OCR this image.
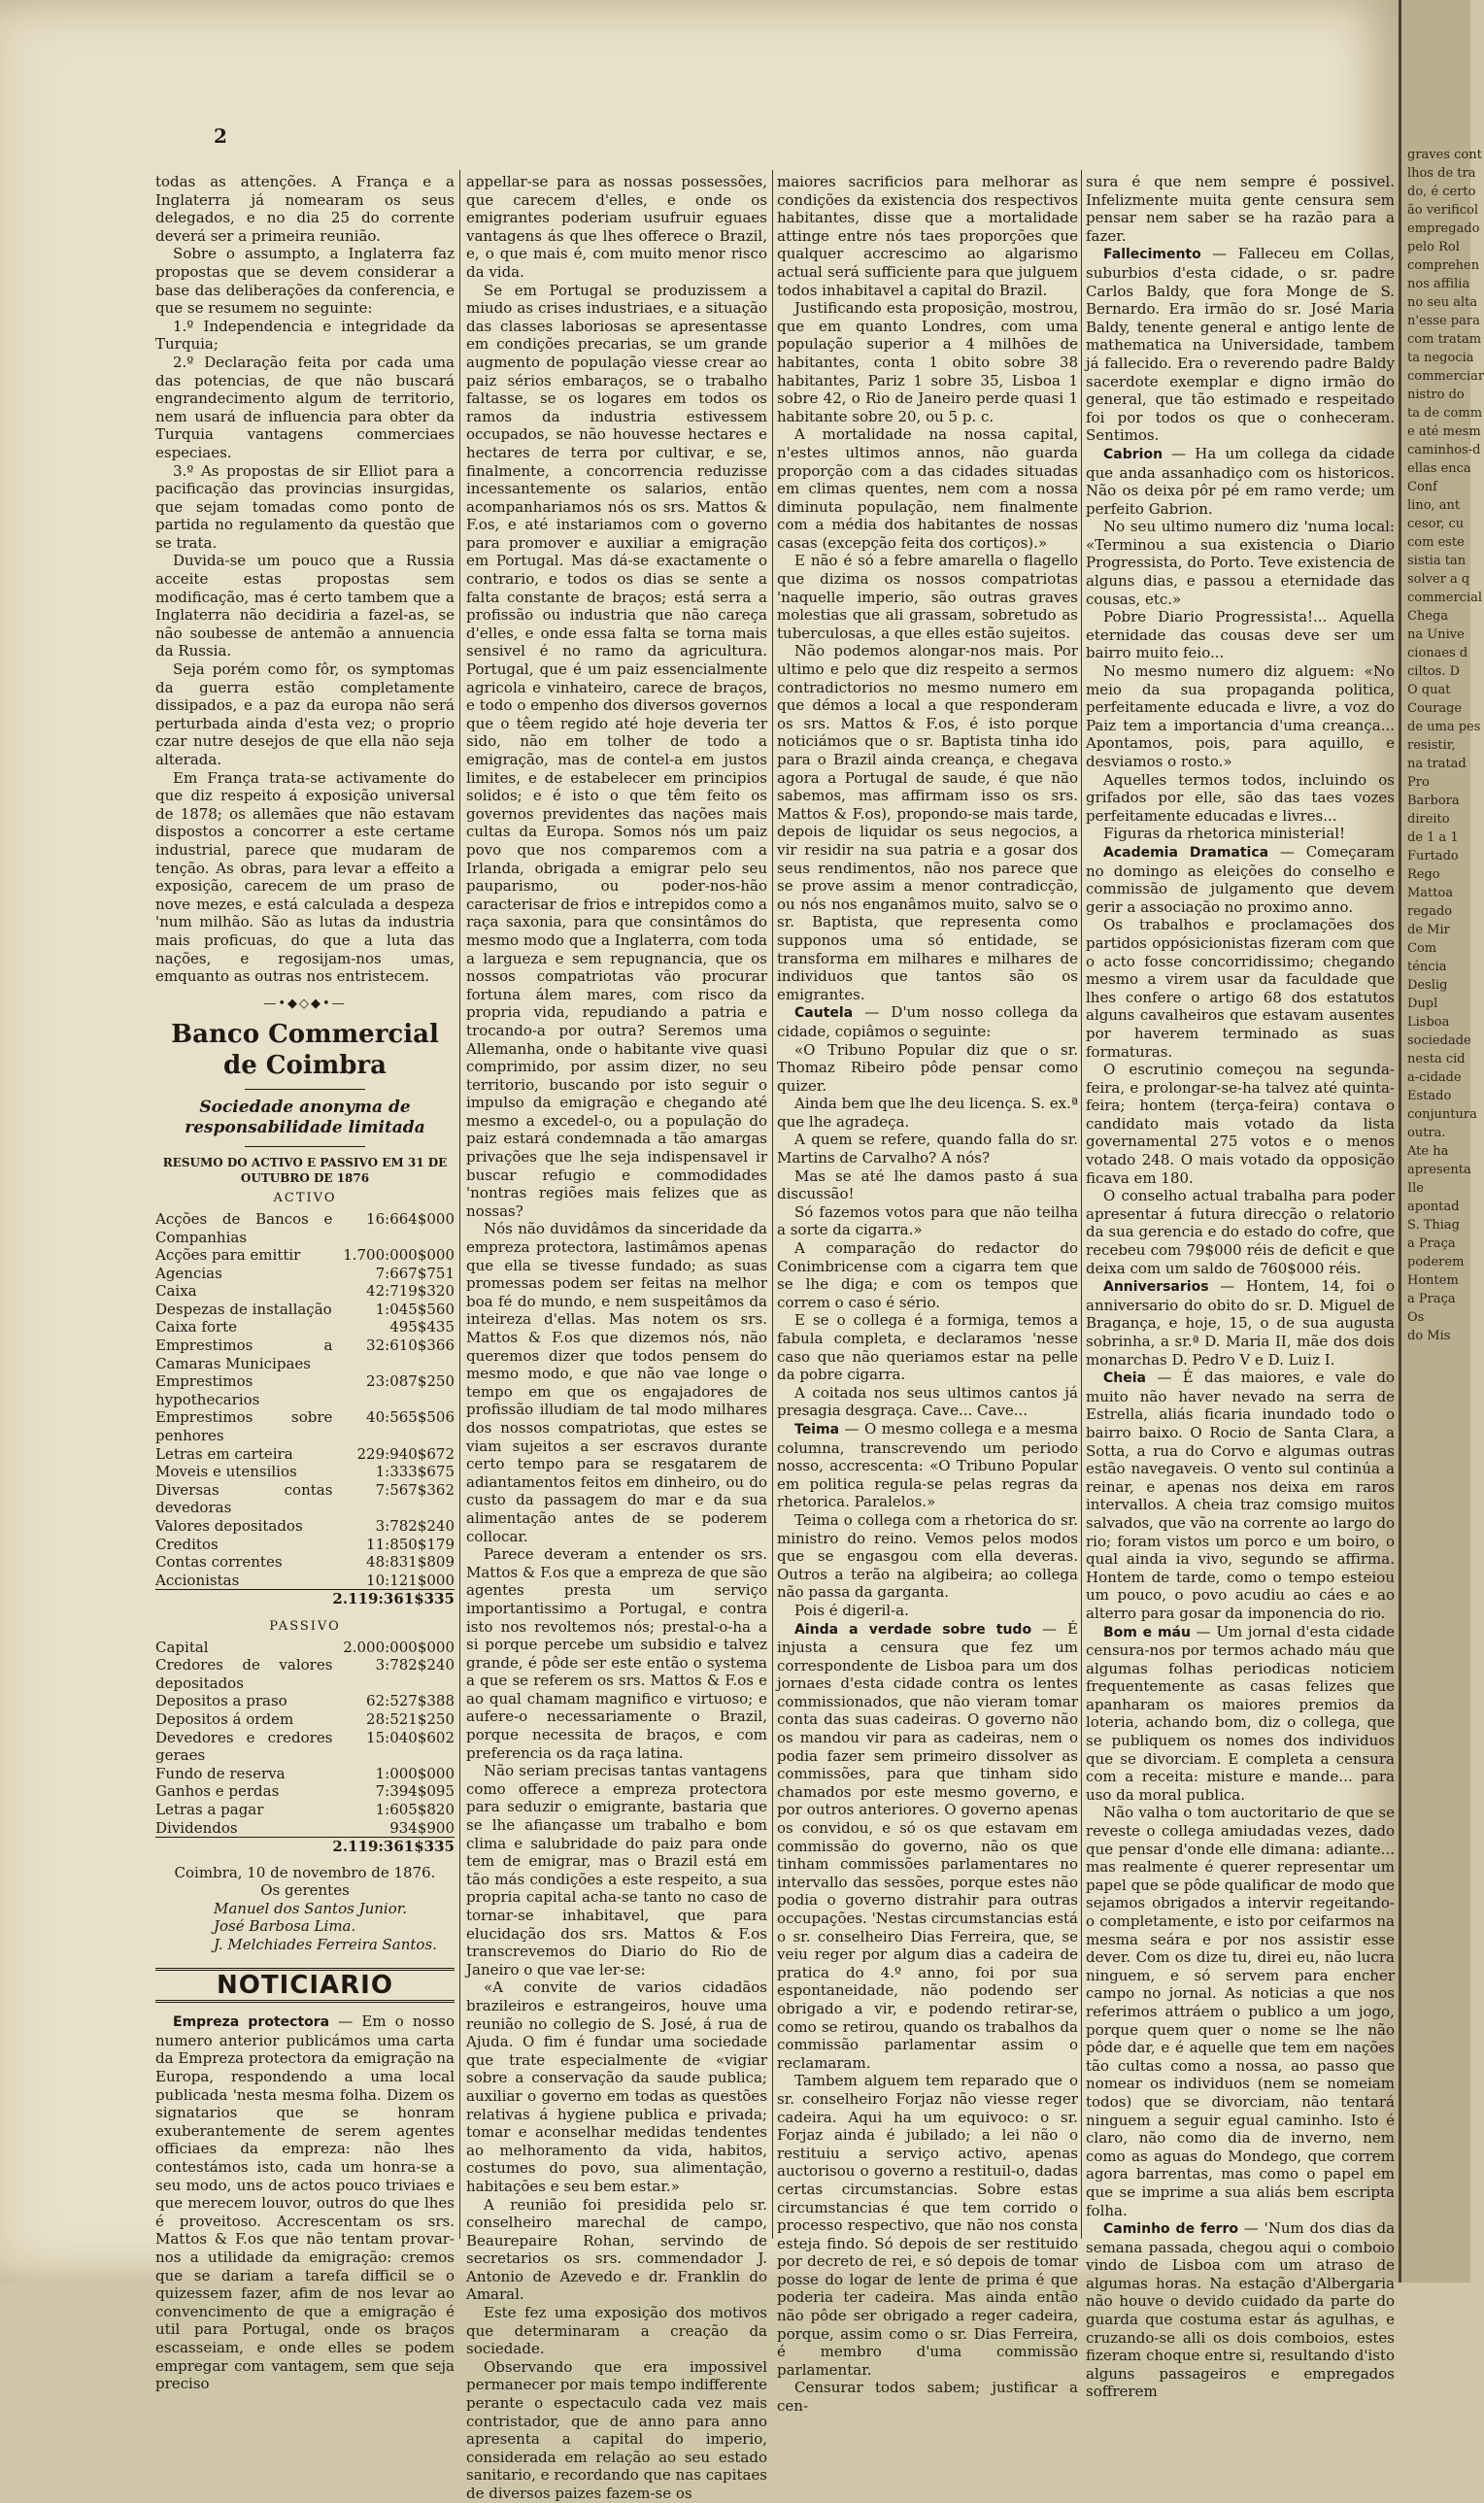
2

todas as attenções. A França e a Inglaterra já nomearam os seus delegados, e no dia 25 do corrente deverá ser a primeira reunião.

Sobre o assumpto, a Inglaterra faz propostas que se devem considerar a base das deliberações da conferencia, e que se resumem no seguinte:

1.º Independencia e integridade da Turquia;

2.º Declaração feita por cada uma das potencias, de que não buscará engrandecimento algum de territorio, nem usará de influencia para obter da Turquia vantagens commerciaes especiaes.

3.º As propostas de sir Elliot para a pacificação das provincias insurgidas, que sejam tomadas como ponto de partida no regulamento da questão que se trata.

Duvida-se um pouco que a Russia acceite estas propostas sem modificação, mas é certo tambem que a Inglaterra não decidiria a fazel-as, se não soubesse de antemão a annuencia da Russia.

Seja porém como fôr, os symptomas da guerra estão completamente dissipados, e a paz da europa não será perturbada ainda d'esta vez; o proprio czar nutre desejos de que ella não seja alterada.

Em França trata-se activamente do que diz respeito á exposição universal de 1878; os allemães que não estavam dispostos a concorrer a este certame industrial, parece que mudaram de tenção. As obras, para levar a effeito a exposição, carecem de um praso de nove mezes, e está calculada a despeza 'num milhão. São as lutas da industria mais proficuas, do que a luta das nações, e regosijam-nos umas, emquanto as outras nos entristecem.

—•◆◇◆•—
Banco Commercial de Coimbra
Sociedade anonyma de responsabilidade limitada
RESUMO DO ACTIVO E PASSIVO EM 31 DE OUTUBRO DE 1876
ACTIVO
Acções de Bancos e Companhias	16:664$000
Acções para emittir	1.700:000$000
Agencias	7:667$751
Caixa	42:719$320
Despezas de installação	1:045$560
Caixa forte	495$435
Emprestimos a Camaras Municipaes	32:610$366
Emprestimos hypothecarios	23:087$250
Emprestimos sobre penhores	40:565$506
Letras em carteira	229:940$672
Moveis e utensilios	1:333$675
Diversas contas devedoras	7:567$362
Valores depositados	3:782$240
Creditos	11:850$179
Contas correntes	48:831$809
Accionistas	10:121$000
	2.119:361$335
PASSIVO
Capital	2.000:000$000
Credores de valores depositados	3:782$240
Depositos a praso	62:527$388
Depositos á ordem	28:521$250
Devedores e credores geraes	15:040$602
Fundo de reserva	1:000$000
Ganhos e perdas	7:394$095
Letras a pagar	1:605$820
Dividendos	934$900
	2.119:361$335
Coimbra, 10 de novembro de 1876.
Os gerentes
Manuel dos Santos Junior.
José Barbosa Lima.
J. Melchiades Ferreira Santos.
NOTICIARIO

Empreza protectora — Em o nosso numero anterior publicámos uma carta da Empreza protectora da emigração na Europa, respondendo a uma local publicada 'nesta mesma folha. Dizem os signatarios que se honram exuberantemente de serem agentes officiaes da empreza: não lhes contestámos isto, cada um honra-se a seu modo, uns de actos pouco triviaes e que merecem louvor, outros do que lhes é proveitoso. Accrescentam os srs. Mattos & F.os que não tentam provar-nos a utilidade da emigração: cremos que se dariam a tarefa difficil se o quizessem fazer, afim de nos levar ao convencimento de que a emigração é util para Portugal, onde os braços escasseiam, e onde elles se podem empregar com vantagem, sem que seja preciso

appellar-se para as nossas possessões, que carecem d'elles, e onde os emigrantes poderiam usufruir eguaes vantagens ás que lhes offerece o Brazil, e, o que mais é, com muito menor risco da vida.

Se em Portugal se produzissem a miudo as crises industriaes, e a situação das classes laboriosas se apresentasse em condições precarias, se um grande augmento de população viesse crear ao paiz sérios embaraços, se o trabalho faltasse, se os logares em todos os ramos da industria estivessem occupados, se não houvesse hectares e hectares de terra por cultivar, e se, finalmente, a concorrencia reduzisse incessantemente os salarios, então acompanhariamos nós os srs. Mattos & F.os, e até instariamos com o governo para promover e auxiliar a emigração em Portugal. Mas dá-se exactamente o contrario, e todos os dias se sente a falta constante de braços; está serra a profissão ou industria que não careça d'elles, e onde essa falta se torna mais sensivel é no ramo da agricultura. Portugal, que é um paiz essencialmente agricola e vinhateiro, carece de braços, e todo o empenho dos diversos governos que o têem regido até hoje deveria ter sido, não em tolher de todo a emigração, mas de contel-a em justos limites, e de estabelecer em principios solidos; e é isto o que têm feito os governos previdentes das nações mais cultas da Europa. Somos nós um paiz povo que nos comparemos com a Irlanda, obrigada a emigrar pelo seu pauparismo, ou poder-nos-hão caracterisar de frios e intrepidos como a raça saxonia, para que consintâmos do mesmo modo que a Inglaterra, com toda a largueza e sem repugnancia, que os nossos compatriotas vão procurar fortuna álem mares, com risco da propria vida, repudiando a patria e trocando-a por outra? Seremos uma Allemanha, onde o habitante vive quasi comprimido, por assim dizer, no seu territorio, buscando por isto seguir o impulso da emigração e chegando até mesmo a excedel-o, ou a população do paiz estará condemnada a tão amargas privações que lhe seja indispensavel ir buscar refugio e commodidades 'nontras regiões mais felizes que as nossas?

Nós não duvidâmos da sinceridade da empreza protectora, lastimâmos apenas que ella se tivesse fundado; as suas promessas podem ser feitas na melhor boa fé do mundo, e nem suspeitâmos da inteireza d'ellas. Mas notem os srs. Mattos & F.os que dizemos nós, não queremos dizer que todos pensem do mesmo modo, e que não vae longe o tempo em que os engajadores de profissão illudiam de tal modo milhares dos nossos compatriotas, que estes se viam sujeitos a ser escravos durante certo tempo para se resgatarem de adiantamentos feitos em dinheiro, ou do custo da passagem do mar e da sua alimentação antes de se poderem collocar.

Parece deveram a entender os srs. Mattos & F.os que a empreza de que são agentes presta um serviço importantissimo a Portugal, e contra isto nos revoltemos nós; prestal-o-ha a si porque percebe um subsidio e talvez grande, é pôde ser este então o systema a que se referem os srs. Mattos & F.os e ao qual chamam magnifico e virtuoso; e aufere-o necessariamente o Brazil, porque necessita de braços, e com preferencia os da raça latina.

Não seriam precisas tantas vantagens como offerece a empreza protectora para seduzir o emigrante, bastaria que se lhe afiançasse um trabalho e bom clima e salubridade do paiz para onde tem de emigrar, mas o Brazil está em tão más condições a este respeito, a sua propria capital acha-se tanto no caso de tornar-se inhabitavel, que para elucidação dos srs. Mattos & F.os transcrevemos do Diario do Rio de Janeiro o que vae ler-se:

«A convite de varios cidadãos brazileiros e estrangeiros, houve uma reunião no collegio de S. José, á rua de Ajuda. O fim é fundar uma sociedade que trate especialmente de «vigiar sobre a conservação da saude publica; auxiliar o governo em todas as questões relativas á hygiene publica e privada; tomar e aconselhar medidas tendentes ao melhoramento da vida, habitos, costumes do povo, sua alimentação, habitações e seu bem estar.»

A reunião foi presidida pelo sr. conselheiro marechal de campo, Beaurepaire Rohan, servindo de secretarios os srs. commendador J. Antonio de Azevedo e dr. Franklin do Amaral.

Este fez uma exposição dos motivos que determinaram a creação da sociedade.

Observando que era impossivel permanecer por mais tempo indifferente perante o espectaculo cada vez mais contristador, que de anno para anno apresenta a capital do imperio, considerada em relação ao seu estado sanitario, e recordando que nas capitaes de diversos paizes fazem-se os

maiores sacrificios para melhorar as condições da existencia dos respectivos habitantes, disse que a mortalidade attinge entre nós taes proporções que qualquer accrescimo ao algarismo actual será sufficiente para que julguem todos inhabitavel a capital do Brazil.

Justificando esta proposição, mostrou, que em quanto Londres, com uma população superior a 4 milhões de habitantes, conta 1 obito sobre 38 habitantes, Pariz 1 sobre 35, Lisboa 1 sobre 42, o Rio de Janeiro perde quasi 1 habitante sobre 20, ou 5 p. c.

A mortalidade na nossa capital, n'estes ultimos annos, não guarda proporção com a das cidades situadas em climas quentes, nem com a nossa diminuta população, nem finalmente com a média dos habitantes de nossas casas (excepção feita dos cortiços).»

E não é só a febre amarella o flagello que dizima os nossos compatriotas 'naquelle imperio, são outras graves molestias que ali grassam, sobretudo as tuberculosas, a que elles estão sujeitos.

Não podemos alongar-nos mais. Por ultimo e pelo que diz respeito a sermos contradictorios no mesmo numero em que démos a local a que responderam os srs. Mattos & F.os, é isto porque noticiámos que o sr. Baptista tinha ido para o Brazil ainda creança, e chegava agora a Portugal de saude, é que não sabemos, mas affirmam isso os srs. Mattos & F.os), propondo-se mais tarde, depois de liquidar os seus negocios, a vir residir na sua patria e a gosar dos seus rendimentos, não nos parece que se prove assim a menor contradicção, ou nós nos enganâmos muito, salvo se o sr. Baptista, que representa como supponos uma só entidade, se transforma em milhares e milhares de individuos que tantos são os emigrantes.

Cautela — D'um nosso collega da cidade, copiâmos o seguinte:

«O Tribuno Popular diz que o sr. Thomaz Ribeiro pôde pensar como quizer.

Ainda bem que lhe deu licença. S. ex.ª que lhe agradeça.

A quem se refere, quando falla do sr. Martins de Carvalho? A nós?

Mas se até lhe damos pasto á sua discussão!

Só fazemos votos para que não teilha a sorte da cigarra.»

A comparação do redactor do Conimbricense com a cigarra tem que se lhe diga; e com os tempos que correm o caso é sério.

E se o collega é a formiga, temos a fabula completa, e declaramos 'nesse caso que não queriamos estar na pelle da pobre cigarra.

A coitada nos seus ultimos cantos já presagia desgraça. Cave... Cave...

Teima — O mesmo collega e a mesma columna, transcrevendo um periodo nosso, accrescenta: «O Tribuno Popular em politica regula-se pelas regras da rhetorica. Paralelos.»

Teima o collega com a rhetorica do sr. ministro do reino. Vemos pelos modos que se engasgou com ella deveras. Outros a terão na algibeira; ao collega não passa da garganta.

Pois é digeril-a.

Ainda a verdade sobre tudo — É injusta a censura que fez um correspondente de Lisboa para um dos jornaes d'esta cidade contra os lentes commissionados, que não vieram tomar conta das suas cadeiras. O governo não os mandou vir para as cadeiras, nem o podia fazer sem primeiro dissolver as commissões, para que tinham sido chamados por este mesmo governo, e por outros anteriores. O governo apenas os convidou, e só os que estavam em commissão do governo, não os que tinham commissões parlamentares no intervallo das sessões, porque estes não podia o governo distrahir para outras occupações. 'Nestas circumstancias está o sr. conselheiro Dias Ferreira, que, se veiu reger por algum dias a cadeira de pratica do 4.º anno, foi por sua espontaneidade, não podendo ser obrigado a vir, e podendo retirar-se, como se retirou, quando os trabalhos da commissão parlamentar assim o reclamaram.

Tambem alguem tem reparado que o sr. conselheiro Forjaz não viesse reger cadeira. Aqui ha um equivoco: o sr. Forjaz ainda é jubilado; a lei não o restituiu a serviço activo, apenas auctorisou o governo a restituil-o, dadas certas circumstancias. Sobre estas circumstancias é que tem corrido o processo respectivo, que não nos consta esteja findo. Só depois de ser restituido por decreto de rei, e só depois de tomar posse do logar de lente de prima é que poderia ter cadeira. Mas ainda então não pôde ser obrigado a reger cadeira, porque, assim como o sr. Dias Ferreira, é membro d'uma commissão parlamentar.

Censurar todos sabem; justificar a cen-

sura é que nem sempre é possivel. Infelizmente muita gente censura sem pensar nem saber se ha razão para a fazer.

Fallecimento — Falleceu em Collas, suburbios d'esta cidade, o sr. padre Carlos Baldy, que fora Monge de S. Bernardo. Era irmão do sr. José Maria Baldy, tenente general e antigo lente de mathematica na Universidade, tambem já fallecido. Era o reverendo padre Baldy sacerdote exemplar e digno irmão do general, que tão estimado e respeitado foi por todos os que o conheceram. Sentimos.

Cabrion — Ha um collega da cidade que anda assanhadiço com os historicos. Não os deixa pôr pé em ramo verde; um perfeito Gabrion.

No seu ultimo numero diz 'numa local: «Terminou a sua existencia o Diario Progressista, do Porto. Teve existencia de alguns dias, e passou a eternidade das cousas, etc.»

Pobre Diario Progressista!... Aquella eternidade das cousas deve ser um bairro muito feio...

No mesmo numero diz alguem: «No meio da sua propaganda politica, perfeitamente educada e livre, a voz do Paiz tem a importancia d'uma creança... Apontamos, pois, para aquillo, e desviamos o rosto.»

Aquelles termos todos, incluindo os grifados por elle, são das taes vozes perfeitamente educadas e livres...

Figuras da rhetorica ministerial!

Academia Dramatica — Começaram no domingo as eleições do conselho e commissão de julgamento que devem gerir a associação no proximo anno.

Os trabalhos e proclamações dos partidos oppósicionistas fizeram com que o acto fosse concorridissimo; chegando mesmo a virem usar da faculdade que lhes confere o artigo 68 dos estatutos alguns cavalheiros que estavam ausentes por haverem terminado as suas formaturas.

O escrutinio começou na segunda-feira, e prolongar-se-ha talvez até quinta-feira; hontem (terça-feira) contava o candidato mais votado da lista governamental 275 votos e o menos votado 248. O mais votado da opposição ficava em 180.

O conselho actual trabalha para poder apresentar á futura direcção o relatorio da sua gerencia e do estado do cofre, que recebeu com 79$000 réis de deficit e que deixa com um saldo de 760$000 réis.

Anniversarios — Hontem, 14, foi o anniversario do obito do sr. D. Miguel de Bragança, e hoje, 15, o de sua augusta sobrinha, a sr.ª D. Maria II, mãe dos dois monarchas D. Pedro V e D. Luiz I.

Cheia — É das maiores, e vale do muito não haver nevado na serra de Estrella, aliás ficaria inundado todo o bairro baixo. O Rocio de Santa Clara, a Sotta, a rua do Corvo e algumas outras estão navegaveis. O vento sul continúa a reinar, e apenas nos deixa em raros intervallos. A cheia traz comsigo muitos salvados, que vão na corrente ao largo do rio; foram vistos um porco e um boiro, o qual ainda ia vivo, segundo se affirma. Hontem de tarde, como o tempo esteiou um pouco, o povo acudiu ao cáes e ao alterro para gosar da imponencia do rio.

Bom e máu — Um jornal d'esta cidade censura-nos por termos achado máu que algumas folhas periodicas noticiem frequentemente as casas felizes que apanharam os maiores premios da loteria, achando bom, diz o collega, que se publiquem os nomes dos individuos que se divorciam. E completa a censura com a receita: misture e mande... para uso da moral publica.

Não valha o tom auctoritario de que se reveste o collega amiudadas vezes, dado que pensar d'onde elle dimana: adiante... mas realmente é querer representar um papel que se pôde qualificar de modo que sejamos obrigados a intervir regeitando-o completamente, e isto por ceifarmos na mesma seára e por nos assistir esse dever. Com os dize tu, direi eu, não lucra ninguem, e só servem para encher campo no jornal. As noticias a que nos referimos attráem o publico a um jogo, porque quem quer o nome se lhe não pôde dar, e é aquelle que tem em nações tão cultas como a nossa, ao passo que nomear os individuos (nem se nomeiam todos) que se divorciam, não tentará ninguem a seguir egual caminho. Isto é claro, não como dia de inverno, nem como as aguas do Mondego, que correm agora barrentas, mas como o papel em que se imprime a sua aliás bem escripta folha.

Caminho de ferro — 'Num dos dias da semana passada, chegou aqui o comboio vindo de Lisboa com um atraso de algumas horas. Na estação d'Albergaria não houve o devido cuidado da parte do guarda que costuma estar ás agulhas, e cruzando-se alli os dois comboios, estes fizeram choque entre si, resultando d'isto alguns passageiros e empregados soffrerem

graves cont
lhos de tra
do, é certo
ão verificol
empregado
pelo Rol
comprehen
nos affilia
no seu alta
n'esse para
com tratam
ta negocia
commerciar
nistro do
ta de comm
e até mesm
caminhos-d
ellas enca
Conf
lino, ant
cesor, cu
com este
sistia tan
solver a q
commercial
Chega
na Unive
cionaes d
ciltos. D
O quat
Courage
de uma pes
resistir,
na tratad
Pro
Barbora
direito
de 1 a 1
Furtado
Rego
Mattoa
regado
de Mir
Com
téncia
Deslig
Dupl
Lisboa
sociedade
nesta cid
a-cidade
Estado
conjuntura
outra.
Ate ha
apresenta
Ile
apontad
S. Thiag
a Praça
poderem
Hontem
a Praça
Os
do Mis
